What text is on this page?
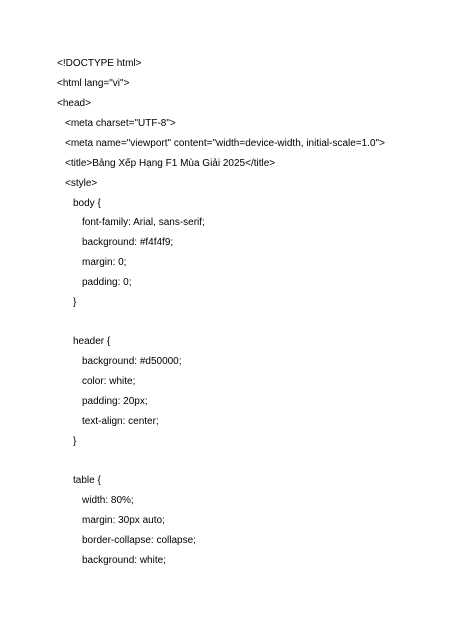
<!DOCTYPE html>
<html lang="vi">
<head>
<meta charset="UTF-8">
<meta name="viewport" content="width=device-width, initial-scale=1.0">
<title>Bảng Xếp Hạng F1 Mùa Giải 2025</title>
<style>
body {
font-family: Arial, sans-serif;
background: #f4f4f9;
margin: 0;
padding: 0;
}
header {
background: #d50000;
color: white;
padding: 20px;
text-align: center;
}
table {
width: 80%;
margin: 30px auto;
border-collapse: collapse;
background: white;
